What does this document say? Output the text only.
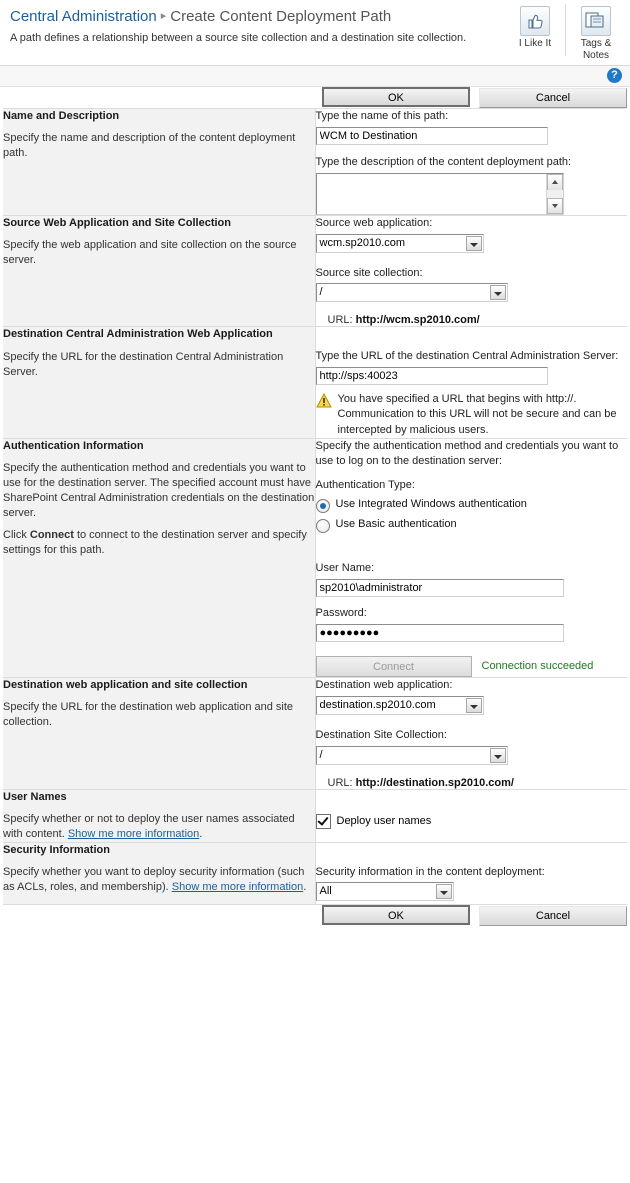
Central Administration ▸ Create Content Deployment Path
A path defines a relationship between a source site collection and a destination site collection.	I Like It	Tags &
Notes
?
OK Cancel	

Name and Description
Specify the name and description of the content deployment path.

Type the name of this path:
WCM to Destination
Type the description of the content deployment path:

Source Web Application and Site Collection
Specify the web application and site collection on the source server.

Source web application:
wcm.sp2010.com
Source site collection:
/
URL: http://wcm.sp2010.com/

Destination Central Administration Web Application
Specify the URL for the destination Central Administration Server.

Type the URL of the destination Central Administration Server:
http://sps:40023
You have specified a URL that begins with http://. Communication to this URL will not be secure and can be intercepted by malicious users.

Authentication Information

Specify the authentication method and credentials you want to use for the destination server. The specified account must have SharePoint Central Administration credentials on the destination server.

Click Connect to connect to the destination server and specify settings for this path.

Specify the authentication method and credentials you want to use to log on to the destination server:
Authentication Type:
Use Integrated Windows authentication
Use Basic authentication
User Name:
sp2010\administrator
Password:
●●●●●●●●●
Connect	Connection succeeded

Destination web application and site collection
Specify the URL for the destination web application and site collection.

Destination web application:
destination.sp2010.com
Destination Site Collection:
/
URL: http://destination.sp2010.com/

User Names
Specify whether or not to deploy the user names associated with content. Show me more information.	Deploy user names

Security Information
Specify whether you want to deploy security information (such as ACLs, roles, and membership). Show me more information.

Security information in the content deployment:
All

OK Cancel	
